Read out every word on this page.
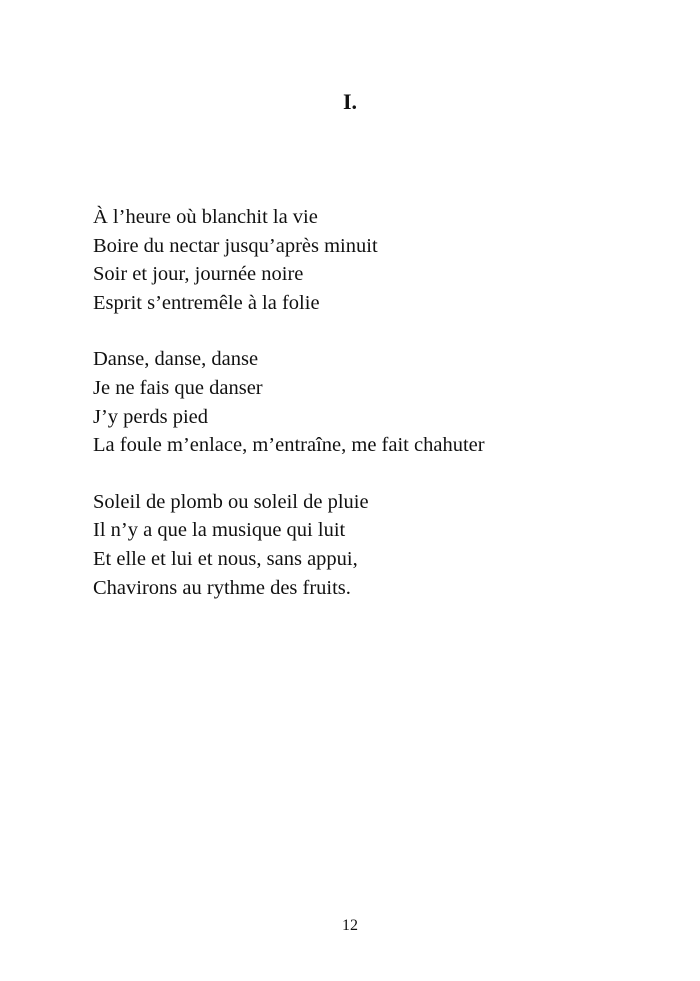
I.
À l’heure où blanchit la vie
Boire du nectar jusqu’après minuit
Soir et jour, journée noire
Esprit s’entremêle à la folie
Danse, danse, danse
Je ne fais que danser
J’y perds pied
La foule m’enlace, m’entraîne, me fait chahuter
Soleil de plomb ou soleil de pluie
Il n’y a que la musique qui luit
Et elle et lui et nous, sans appui,
Chavirons au rythme des fruits.
12
